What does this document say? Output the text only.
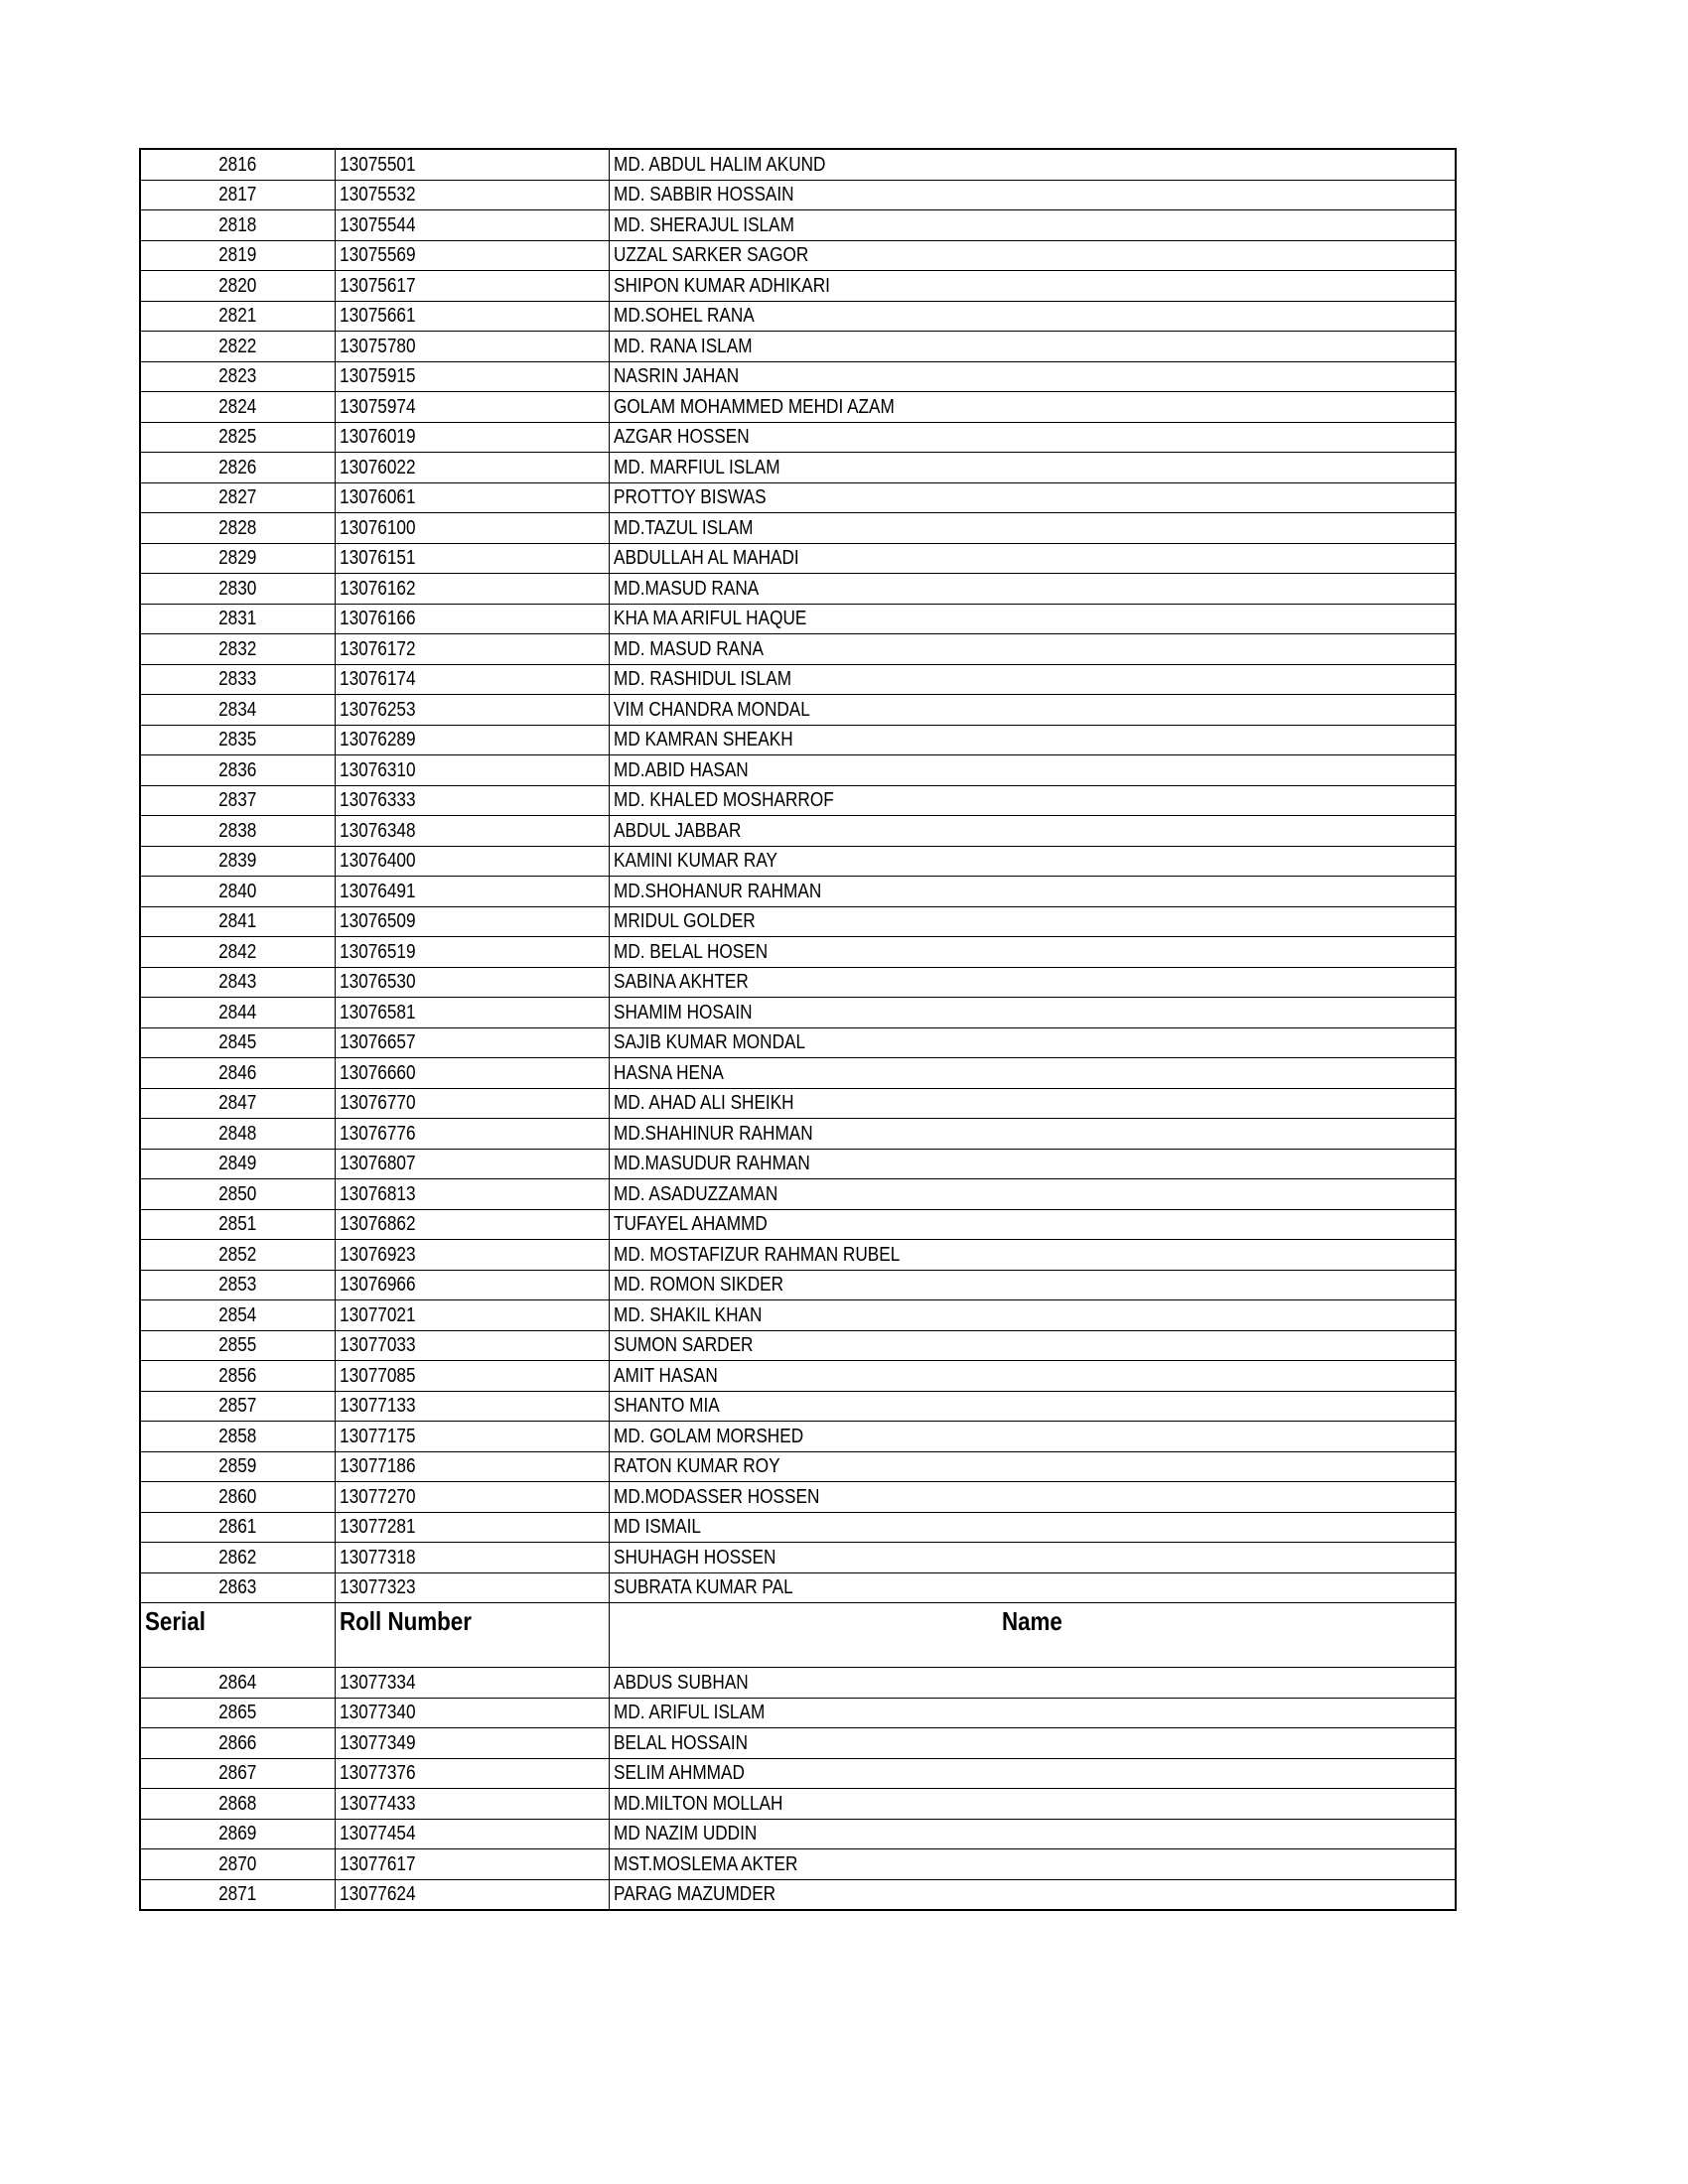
2816	13075501	MD. ABDUL HALIM AKUND
2817	13075532	MD. SABBIR HOSSAIN
2818	13075544	MD. SHERAJUL ISLAM
2819	13075569	UZZAL SARKER SAGOR
2820	13075617	SHIPON KUMAR ADHIKARI
2821	13075661	MD.SOHEL RANA
2822	13075780	MD. RANA ISLAM
2823	13075915	NASRIN JAHAN
2824	13075974	GOLAM MOHAMMED MEHDI AZAM
2825	13076019	AZGAR HOSSEN
2826	13076022	MD. MARFIUL ISLAM
2827	13076061	PROTTOY BISWAS
2828	13076100	MD.TAZUL ISLAM
2829	13076151	ABDULLAH AL MAHADI
2830	13076162	MD.MASUD RANA
2831	13076166	KHA MA ARIFUL HAQUE
2832	13076172	MD. MASUD RANA
2833	13076174	MD. RASHIDUL ISLAM
2834	13076253	VIM CHANDRA MONDAL
2835	13076289	MD KAMRAN SHEAKH
2836	13076310	MD.ABID HASAN
2837	13076333	MD. KHALED MOSHARROF
2838	13076348	ABDUL JABBAR
2839	13076400	KAMINI KUMAR RAY
2840	13076491	MD.SHOHANUR RAHMAN
2841	13076509	MRIDUL GOLDER
2842	13076519	MD. BELAL HOSEN
2843	13076530	SABINA AKHTER
2844	13076581	SHAMIM HOSAIN
2845	13076657	SAJIB KUMAR MONDAL
2846	13076660	HASNA HENA
2847	13076770	MD. AHAD ALI SHEIKH
2848	13076776	MD.SHAHINUR RAHMAN
2849	13076807	MD.MASUDUR RAHMAN
2850	13076813	MD. ASADUZZAMAN
2851	13076862	TUFAYEL AHAMMD
2852	13076923	MD. MOSTAFIZUR RAHMAN RUBEL
2853	13076966	MD. ROMON SIKDER
2854	13077021	MD. SHAKIL KHAN
2855	13077033	SUMON SARDER
2856	13077085	AMIT HASAN
2857	13077133	SHANTO MIA
2858	13077175	MD. GOLAM MORSHED
2859	13077186	RATON KUMAR ROY
2860	13077270	MD.MODASSER HOSSEN
2861	13077281	MD ISMAIL
2862	13077318	SHUHAGH HOSSEN
2863	13077323	SUBRATA KUMAR PAL
Serial	Roll Number	Name
2864	13077334	ABDUS SUBHAN
2865	13077340	MD. ARIFUL ISLAM
2866	13077349	BELAL HOSSAIN
2867	13077376	SELIM AHMMAD
2868	13077433	MD.MILTON MOLLAH
2869	13077454	MD NAZIM UDDIN
2870	13077617	MST.MOSLEMA AKTER
2871	13077624	PARAG MAZUMDER
